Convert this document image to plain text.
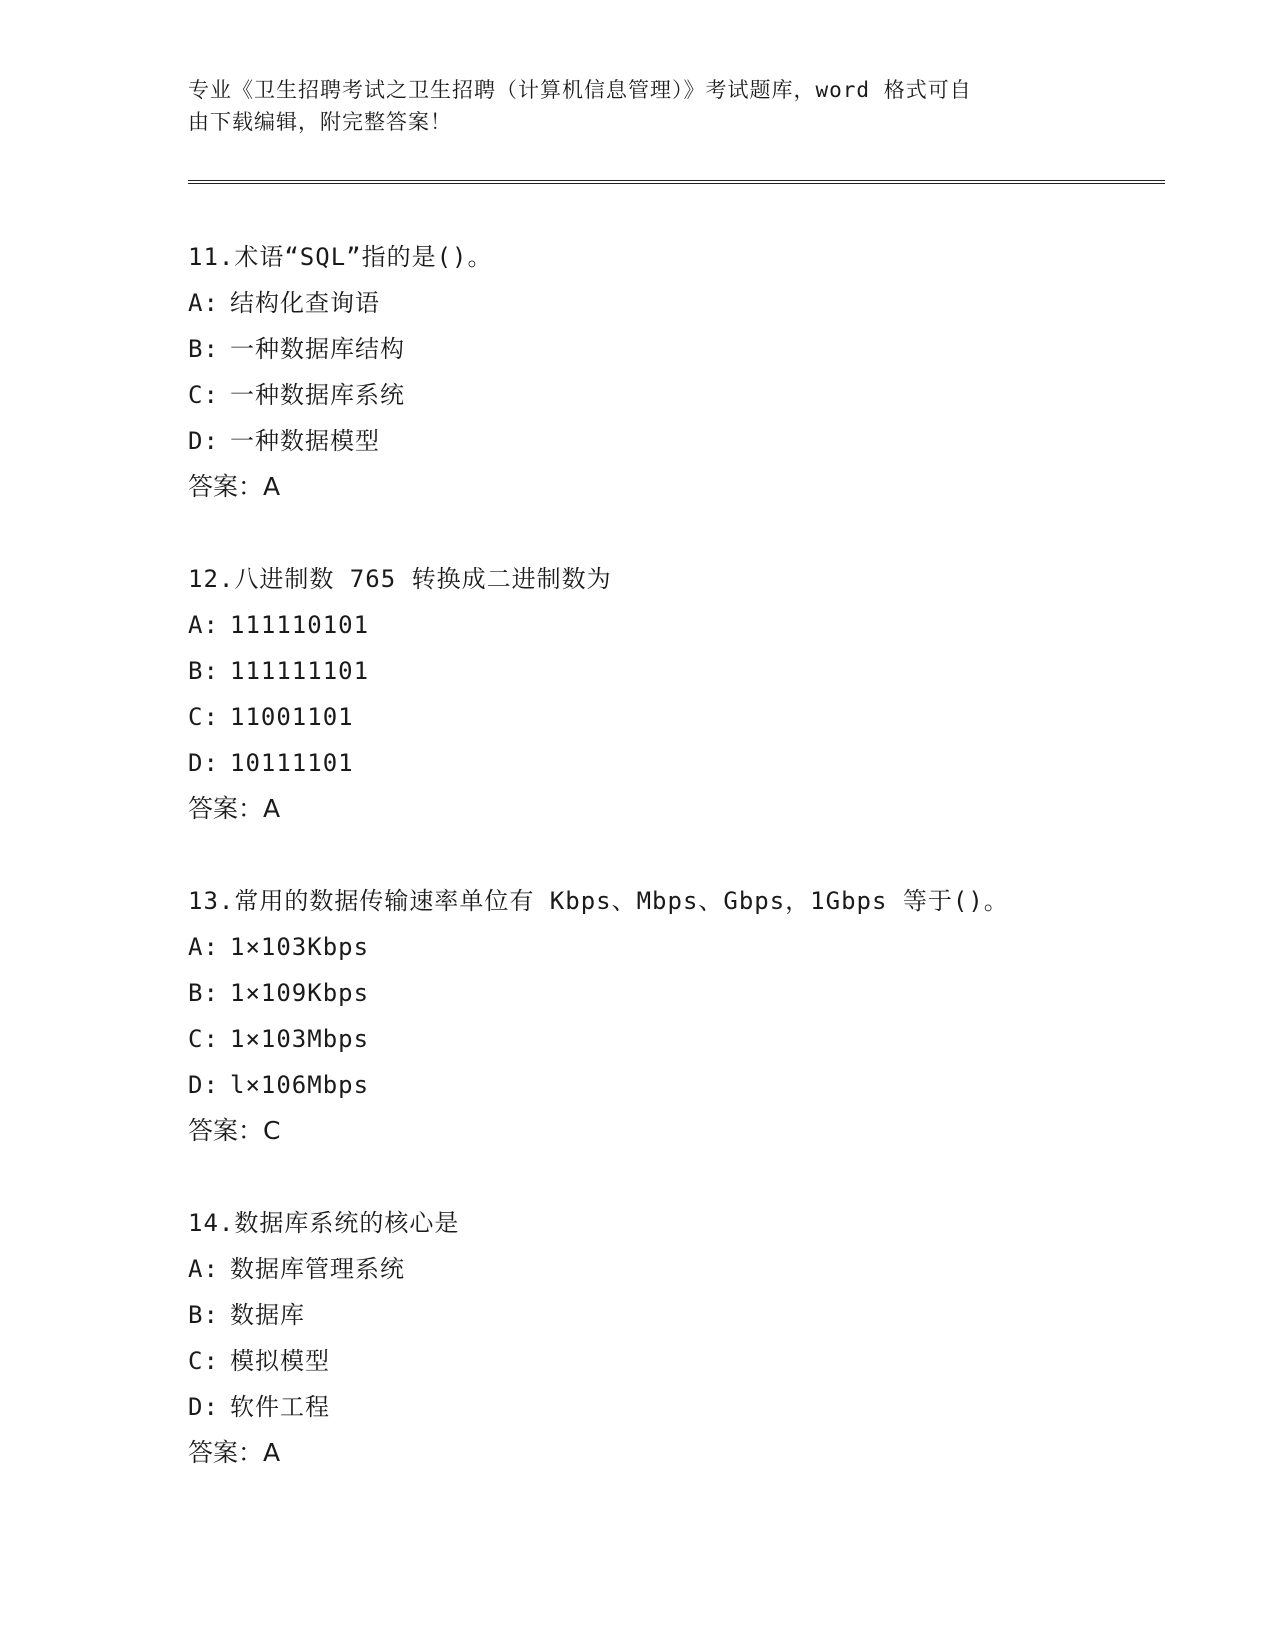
专业《卫生招聘考试之卫生招聘（计算机信息管理）》考试题库，word 格式可自
由下载编辑，附完整答案！
11.术语“SQL”指的是()。
A: 结构化查询语
B: 一种数据库结构
C: 一种数据库系统
D: 一种数据模型
答案：A
12.八进制数 765 转换成二进制数为
A: 111110101
B: 111111101
C: 11001101
D: 10111101
答案：A
13.常用的数据传输速率单位有 Kbps、Mbps、Gbps，1Gbps 等于()。
A: 1×103Kbps
B: 1×109Kbps
C: 1×103Mbps
D: l×106Mbps
答案：C
14.数据库系统的核心是
A: 数据库管理系统
B: 数据库
C: 模拟模型
D: 软件工程
答案：A
